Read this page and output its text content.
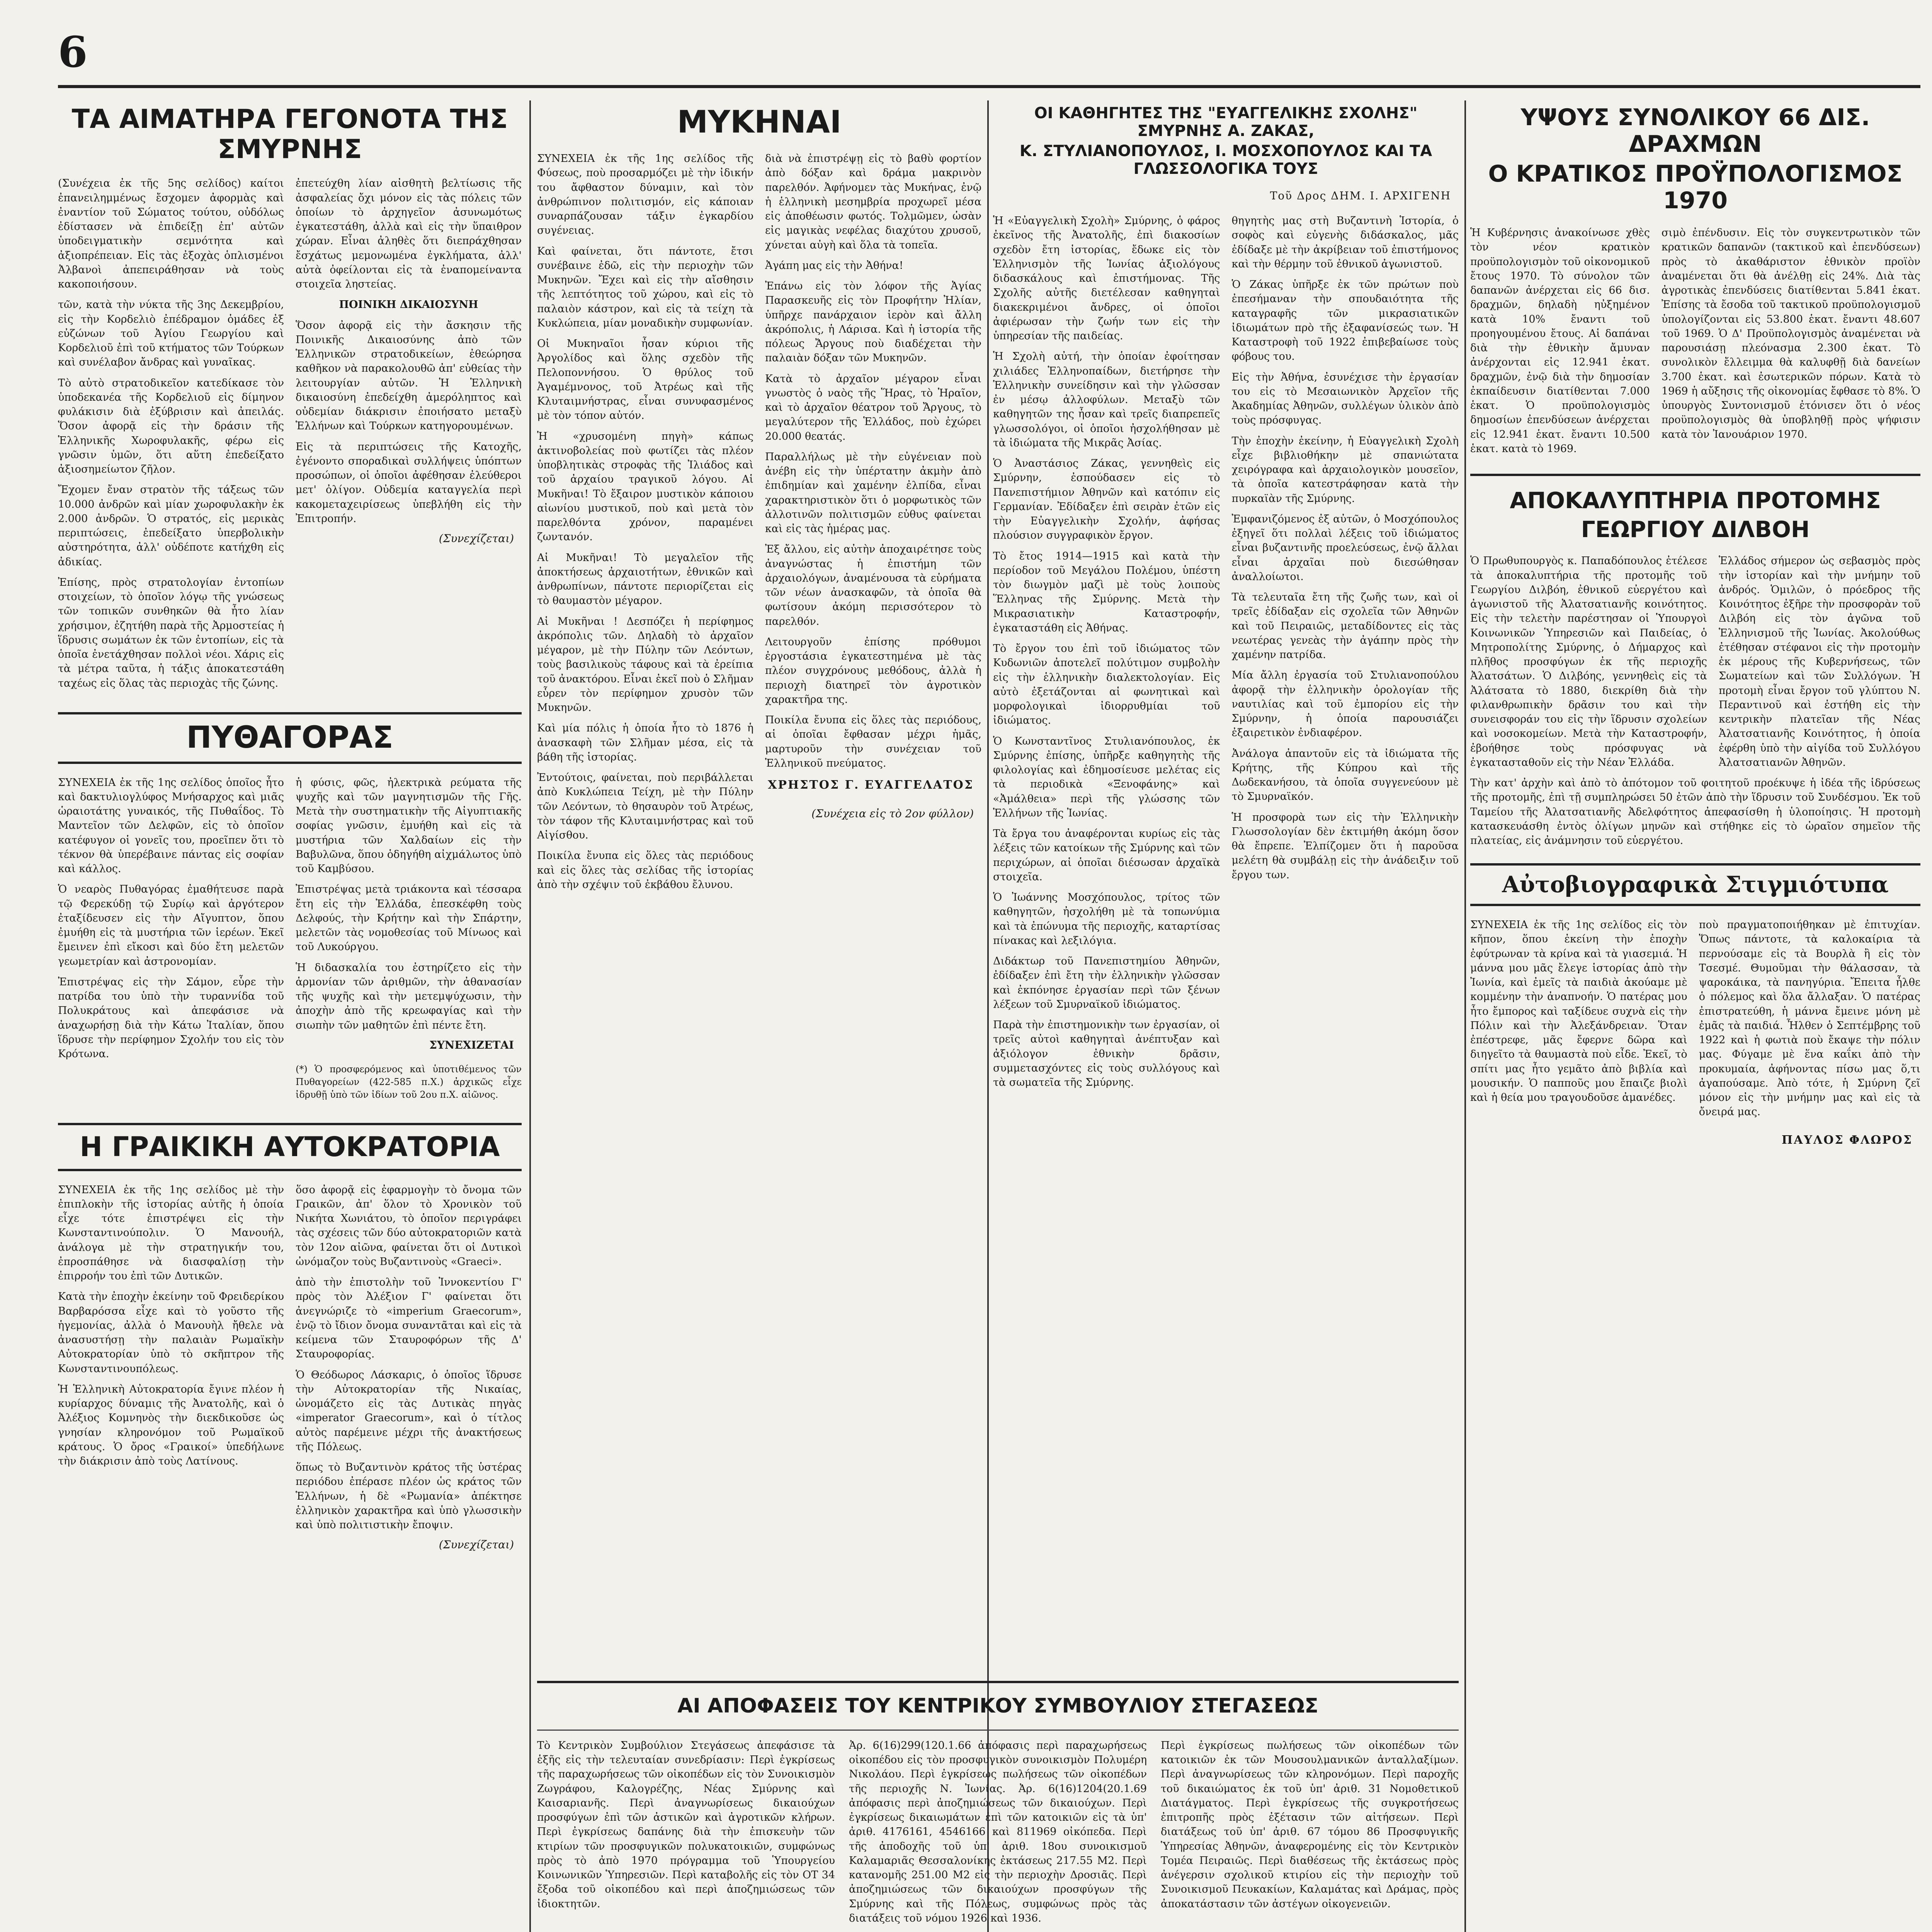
6
ΤΑ ΑΙΜΑΤΗΡΑ ΓΕΓΟΝΟΤΑ ΤΗΣ ΣΜΥΡΝΗΣ

(Συνέχεια ἐκ τῆς 5ης σελίδος) καίτοι ἐπανειλημμένως ἔσχομεν ἀφορμὰς καὶ ἐναντίον τοῦ Σώματος τούτου, οὐδόλως ἐδίστασεν νὰ ἐπιδείξῃ ἐπ' αὐτῶν ὑποδειγματικὴν σεμνότητα καὶ ἀξιοπρέπειαν. Εἰς τὰς ἐξοχὰς ὁπλισμένοι Ἀλβανοὶ ἀπεπειράθησαν νὰ τοὺς κακοποιήσουν.

τῶν, κατὰ τὴν νύκτα τῆς 3ης Δεκεμβρίου, εἰς τὴν Κορδελιὸ ἐπέδραμον ὁμάδες ἐξ εὐζώνων τοῦ Ἀγίου Γεωργίου καὶ Κορδελιοῦ ἐπὶ τοῦ κτήματος τῶν Τούρκων καὶ συνέλαβον ἄνδρας καὶ γυναῖκας.

Τὸ αὐτὸ στρατοδικεῖον κατεδίκασε τὸν ὑποδεκανέα τῆς Κορδελιοῦ εἰς δίμηνον φυλάκισιν διὰ ἐξύβρισιν καὶ ἀπειλάς. Ὅσον ἀφορᾷ εἰς τὴν δράσιν τῆς Ἑλληνικῆς Χωροφυλακῆς, φέρω εἰς γνῶσιν ὑμῶν, ὅτι αὕτη ἐπεδείξατο ἀξιοσημείωτον ζῆλον.

Ἔχομεν ἔναν στρατὸν τῆς τάξεως τῶν 10.000 ἀνδρῶν καὶ μίαν χωροφυλακὴν ἐκ 2.000 ἀνδρῶν. Ὁ στρατός, εἰς μερικὰς περιπτώσεις, ἐπεδείξατο ὑπερβολικὴν αὐστηρότητα, ἀλλ' οὐδέποτε κατήχθη εἰς ἀδικίας.

Ἐπίσης, πρὸς στρατολογίαν ἐντοπίων στοιχείων, τὸ ὁποῖον λόγῳ τῆς γνώσεως τῶν τοπικῶν συνθηκῶν θὰ ἦτο λίαν χρήσιμον, ἐζητήθη παρὰ τῆς Ἀρμοστείας ἡ ἵδρυσις σωμάτων ἐκ τῶν ἐντοπίων, εἰς τὰ ὁποῖα ἐνετάχθησαν πολλοὶ νέοι. Χάρις εἰς τὰ μέτρα ταῦτα, ἡ τάξις ἀποκατεστάθη ταχέως εἰς ὅλας τὰς περιοχὰς τῆς ζώνης.

ἐπετεύχθη λίαν αἰσθητὴ βελτίωσις τῆς ἀσφαλείας ὄχι μόνον εἰς τὰς πόλεις τῶν ὁποίων τὸ ἀρχηγεῖον ἀσυνωμότως ἐγκατεστάθη, ἀλλὰ καὶ εἰς τὴν ὕπαιθρον χώραν. Εἶναι ἀληθὲς ὅτι διεπράχθησαν ἔσχάτως μεμονωμένα ἐγκλήματα, ἀλλ' αὐτὰ ὀφείλονται εἰς τὰ ἐναπομείναντα στοιχεῖα ληστείας.

ΠΟΙΝΙΚΗ ΔΙΚΑΙΟΣΥΝΗ

Ὅσον ἀφορᾷ εἰς τὴν ἄσκησιν τῆς Ποινικῆς Δικαιοσύνης ἀπὸ τῶν Ἑλληνικῶν στρατοδικείων, ἐθεώρησα καθῆκον νὰ παρακολουθῶ ἀπ' εὐθείας τὴν λειτουργίαν αὐτῶν. Ἡ Ἑλληνικὴ δικαιοσύνη ἐπεδείχθη ἀμερόληπτος καὶ οὐδεμίαν διάκρισιν ἐποιήσατο μεταξὺ Ἑλλήνων καὶ Τούρκων κατηγορουμένων.

Εἰς τὰ περιπτώσεις τῆς Κατοχῆς, ἐγένοντο σποραδικαὶ συλλήψεις ὑπόπτων προσώπων, οἱ ὁποῖοι ἀφέθησαν ἐλεύθεροι μετ' ὀλίγον. Οὐδεμία καταγγελία περὶ κακομεταχειρίσεως ὑπεβλήθη εἰς τὴν Ἐπιτροπήν.

(Συνεχίζεται)

ΠΥΘΑΓΟΡΑΣ

ΣΥΝΕΧΕΙΑ ἐκ τῆς 1ης σελίδος ὁποῖος ἦτο καὶ δακτυλιογλύφος Μνήσαρχος καὶ μιᾶς ὡραιοτάτης γυναικός, τῆς Πυθαΐδος. Τὸ Μαντεῖον τῶν Δελφῶν, εἰς τὸ ὁποῖον κατέφυγον οἱ γονεῖς του, προεῖπεν ὅτι τὸ τέκνον θὰ ὑπερέβαινε πάντας εἰς σοφίαν καὶ κάλλος.

Ὁ νεαρὸς Πυθαγόρας ἐμαθήτευσε παρὰ τῷ Φερεκύδῃ τῷ Συρίῳ καὶ ἀργότερον ἐταξίδευσεν εἰς τὴν Αἴγυπτον, ὅπου ἐμυήθη εἰς τὰ μυστήρια τῶν ἱερέων. Ἐκεῖ ἔμεινεν ἐπὶ εἴκοσι καὶ δύο ἔτη μελετῶν γεωμετρίαν καὶ ἀστρονομίαν.

Ἐπιστρέψας εἰς τὴν Σάμον, εὗρε τὴν πατρίδα του ὑπὸ τὴν τυραννίδα τοῦ Πολυκράτους καὶ ἀπεφάσισε νὰ ἀναχωρήσῃ διὰ τὴν Κάτω Ἰταλίαν, ὅπου ἵδρυσε τὴν περίφημον Σχολήν του εἰς τὸν Κρότωνα.

ἡ φύσις, φῶς, ἠλεκτρικὰ ρεύματα τῆς ψυχῆς καὶ τῶν μαγνητισμῶν τῆς Γῆς. Μετὰ τὴν συστηματικὴν τῆς Αἰγυπτιακῆς σοφίας γνῶσιν, ἐμυήθη καὶ εἰς τὰ μυστήρια τῶν Χαλδαίων εἰς τὴν Βαβυλῶνα, ὅπου ὁδηγήθη αἰχμάλωτος ὑπὸ τοῦ Καμβύσου.

Ἐπιστρέψας μετὰ τριάκοντα καὶ τέσσαρα ἔτη εἰς τὴν Ἑλλάδα, ἐπεσκέφθη τοὺς Δελφούς, τὴν Κρήτην καὶ τὴν Σπάρτην, μελετῶν τὰς νομοθεσίας τοῦ Μίνωος καὶ τοῦ Λυκούργου.

Ἡ διδασκαλία του ἐστηρίζετο εἰς τὴν ἁρμονίαν τῶν ἀριθμῶν, τὴν ἀθανασίαν τῆς ψυχῆς καὶ τὴν μετεμψύχωσιν, τὴν ἀποχὴν ἀπὸ τῆς κρεωφαγίας καὶ τὴν σιωπὴν τῶν μαθητῶν ἐπὶ πέντε ἔτη.

ΣΥΝΕΧΙΖΕΤΑΙ

(*) Ὁ προσφερόμενος καὶ ὑποτιθέμενος τῶν Πυθαγορείων (422-585 π.Χ.) ἀρχικῶς εἶχε ἰδρυθῇ ὑπὸ τῶν ἰδίων τοῦ 2ου π.Χ. αἰῶνος.

Η ΓΡΑΙΚΙΚΗ ΑΥΤΟΚΡΑΤΟΡΙΑ

ΣΥΝΕΧΕΙΑ ἐκ τῆς 1ης σελίδος μὲ τὴν ἐπιπλοκὴν τῆς ἱστορίας αὐτῆς ἡ ὁποία εἶχε τότε ἐπιστρέψει εἰς τὴν Κωνσταντινούπολιν. Ὁ Μανουήλ, ἀνάλογα μὲ τὴν στρατηγικήν του, ἐπροσπάθησε νὰ διασφαλίσῃ τὴν ἐπιρροήν του ἐπὶ τῶν Δυτικῶν.

Κατὰ τὴν ἐποχὴν ἐκείνην τοῦ Φρειδερίκου Βαρβαρόσσα εἶχε καὶ τὸ γοῦστο τῆς ἡγεμονίας, ἀλλὰ ὁ Μανουὴλ ἤθελε νὰ ἀνασυστήσῃ τὴν παλαιὰν Ρωμαϊκὴν Αὐτοκρατορίαν ὑπὸ τὸ σκῆπτρον τῆς Κωνσταντινουπόλεως.

Ἡ Ἑλληνικὴ Αὐτοκρατορία ἔγινε πλέον ἡ κυρίαρχος δύναμις τῆς Ἀνατολῆς, καὶ ὁ Ἀλέξιος Κομνηνὸς τὴν διεκδικοῦσε ὡς γνησίαν κληρονόμον τοῦ Ρωμαϊκοῦ κράτους. Ὁ ὄρος «Γραικοί» ὑπεδήλωνε τὴν διάκρισιν ἀπὸ τοὺς Λατίνους.

ὅσο ἀφορᾷ εἰς ἐφαρμογὴν τὸ ὄνομα τῶν Γραικῶν, ἀπ' ὅλον τὸ Χρονικὸν τοῦ Νικήτα Χωνιάτου, τὸ ὁποῖον περιγράφει τὰς σχέσεις τῶν δύο αὐτοκρατοριῶν κατὰ τὸν 12ον αἰῶνα, φαίνεται ὅτι οἱ Δυτικοὶ ὠνόμαζον τοὺς Βυζαντινοὺς «Graeci».

ἀπὸ τὴν ἐπιστολὴν τοῦ Ἰννοκεντίου Γ' πρὸς τὸν Ἀλέξιον Γ' φαίνεται ὅτι ἀνεγνώριζε τὸ «imperium Graecorum», ἐνῷ τὸ ἴδιον ὄνομα συναντᾶται καὶ εἰς τὰ κείμενα τῶν Σταυροφόρων τῆς Δ' Σταυροφορίας.

Ὁ Θεόδωρος Λάσκαρις, ὁ ὁποῖος ἵδρυσε τὴν Αὐτοκρατορίαν τῆς Νικαίας, ὠνομάζετο εἰς τὰς Δυτικὰς πηγὰς «imperator Graecorum», καὶ ὁ τίτλος αὐτὸς παρέμεινε μέχρι τῆς ἀνακτήσεως τῆς Πόλεως.

ὅπως τὸ Βυζαντινὸν κράτος τῆς ὑστέρας περιόδου ἐπέρασε πλέον ὡς κράτος τῶν Ἑλλήνων, ἡ δὲ «Ρωμανία» ἀπέκτησε ἑλληνικὸν χαρακτῆρα καὶ ὑπὸ γλωσσικὴν καὶ ὑπὸ πολιτιστικὴν ἔποψιν.

(Συνεχίζεται)

ΜΥΚΗΝΑΙ

ΣΥΝΕΧΕΙΑ ἐκ τῆς 1ης σελίδος τῆς Φύσεως, ποὺ προσαρμόζει μὲ τὴν ἰδικήν του ἄφθαστον δύναμιν, καὶ τὸν ἀνθρώπινον πολιτισμόν, εἰς κάποιαν συναρπάζουσαν τάξιν ἐγκαρδίου συγένειας.

Καὶ φαίνεται, ὅτι πάντοτε, ἔτσι συνέβαινε ἐδῶ, εἰς τὴν περιοχὴν τῶν Μυκηνῶν. Ἔχει καὶ εἰς τὴν αἴσθησιν τῆς λεπτότητος τοῦ χώρου, καὶ εἰς τὸ παλαιὸν κάστρον, καὶ εἰς τὰ τείχη τὰ Κυκλώπεια, μίαν μοναδικὴν συμφωνίαν.

Οἱ Μυκηναῖοι ἦσαν κύριοι τῆς Ἀργολίδος καὶ ὅλης σχεδὸν τῆς Πελοποννήσου. Ὁ θρύλος τοῦ Ἀγαμέμνονος, τοῦ Ἀτρέως καὶ τῆς Κλυταιμνήστρας, εἶναι συνυφασμένος μὲ τὸν τόπον αὐτόν.

Ἡ «χρυσομένη πηγὴ» κάπως ἀκτινοβολείας ποὺ φωτίζει τὰς πλέον ὑποβλητικὰς στροφὰς τῆς Ἰλιάδος καὶ τοῦ ἀρχαίου τραγικοῦ λόγου. Αἱ Μυκῆναι! Τὸ ἔξαιρον μυστικὸν κάποιου αἰωνίου μυστικοῦ, ποὺ καὶ μετὰ τὸν παρελθόντα χρόνον, παραμένει ζωντανόν.

Αἱ Μυκῆναι! Τὸ μεγαλεῖον τῆς ἀποκτήσεως ἀρχαιοτήτων, ἐθνικῶν καὶ ἀνθρωπίνων, πάντοτε περιορίζεται εἰς τὸ θαυμαστὸν μέγαρον.

Αἱ Μυκῆναι ! Δεσπόζει ἡ περίφημος ἀκρόπολις τῶν. Δηλαδὴ τὸ ἀρχαῖον μέγαρον, μὲ τὴν Πύλην τῶν Λεόντων, τοὺς βασιλικοὺς τάφους καὶ τὰ ἐρείπια τοῦ ἀνακτόρου. Εἶναι ἐκεῖ ποὺ ὁ Σλῆμαν εὗρεν τὸν περίφημον χρυσὸν τῶν Μυκηνῶν.

Καὶ μία πόλις ἡ ὁποία ἦτο τὸ 1876 ἡ ἀνασκαφὴ τῶν Σλῆμαν μέσα, εἰς τὰ βάθη τῆς ἱστορίας.

Ἐντούτοις, φαίνεται, ποὺ περιβάλλεται ἀπὸ Κυκλώπεια Τείχη, μὲ τὴν Πύλην τῶν Λεόντων, τὸ θησαυρὸν τοῦ Ἀτρέως, τὸν τάφον τῆς Κλυταιμνήστρας καὶ τοῦ Αἰγίσθου.

Ποικίλα ἔνυπα εἰς ὅλες τὰς περιόδους καὶ εἰς ὅλες τὰς σελίδας τῆς ἱστορίας ἀπὸ τὴν σχέψιν τοῦ ἐκβάθου ἔλυνου.

διὰ νὰ ἐπιστρέψῃ εἰς τὸ βαθὺ φορτίον ἀπὸ δόξαν καὶ δράμα μακρινὸν παρελθόν. Ἀφήνομεν τὰς Μυκήνας, ἐνῷ ἡ ἑλληνικὴ μεσημβρία προχωρεῖ μέσα εἰς ἀποθέωσιν φωτός. Τολμῶμεν, ὡσὰν εἰς μαγικὰς νεφέλας διαχύτου χρυσοῦ, χύνεται αὐγὴ καὶ ὅλα τὰ τοπεῖα.

Ἀγάπη μας εἰς τὴν Ἀθήνα!

Ἐπάνω εἰς τὸν λόφον τῆς Ἀγίας Παρασκευῆς εἰς τὸν Προφήτην Ἠλίαν, ὑπῆρχε πανάρχαιον ἱερὸν καὶ ἄλλη ἀκρόπολις, ἡ Λάρισα. Καὶ ἡ ἱστορία τῆς πόλεως Ἄργους ποὺ διαδέχεται τὴν παλαιὰν δόξαν τῶν Μυκηνῶν.

Κατὰ τὸ ἀρχαῖον μέγαρον εἶναι γνωστὸς ὁ ναὸς τῆς Ἥρας, τὸ Ἡραῖον, καὶ τὸ ἀρχαῖον θέατρον τοῦ Ἄργους, τὸ μεγαλύτερον τῆς Ἑλλάδος, ποὺ ἐχώρει 20.000 θεατάς.

Παραλλήλως μὲ τὴν εὐγένειαν ποὺ ἀνέβη εἰς τὴν ὑπέρτατην ἀκμὴν ἀπὸ ἐπιδημίαν καὶ χαμένην ἐλπίδα, εἶναι χαρακτηριστικὸν ὅτι ὁ μορφωτικὸς τῶν ἀλλοτινῶν πολιτισμῶν εὐθυς φαίνεται καὶ εἰς τὰς ἡμέρας μας.

Ἐξ ἄλλου, εἰς αὐτὴν ἀποχαιρέτησε τοὺς ἀναγνώστας ἡ ἐπιστήμη τῶν ἀρχαιολόγων, ἀναμένουσα τὰ εὑρήματα τῶν νέων ἀνασκαφῶν, τὰ ὁποῖα θὰ φωτίσουν ἀκόμη περισσότερον τὸ παρελθόν.

Λειτουργοῦν ἐπίσης πρόθυμοι ἐργοστάσια ἐγκατεστημένα μὲ τὰς πλέον συγχρόνους μεθόδους, ἀλλὰ ἡ περιοχὴ διατηρεῖ τὸν ἀγροτικὸν χαρακτῆρα της.

Ποικίλα ἔνυπα εἰς ὅλες τὰς περιόδους, αἱ ὁποῖαι ἔφθασαν μέχρι ἡμᾶς, μαρτυροῦν τὴν συνέχειαν τοῦ Ἑλληνικοῦ πνεύματος.

ΧΡΗΣΤΟΣ Γ. ΕΥΑΓΓΕΛΑΤΟΣ

(Συνέχεια εἰς τὸ 2ον φύλλον)

ΑΙ ΑΠΟΦΑΣΕΙΣ ΤΟΥ ΚΕΝΤΡΙΚΟΥ ΣΥΜΒΟΥΛΙΟΥ ΣΤΕΓΑΣΕΩΣ

Τὸ Κεντρικὸν Συμβούλιον Στεγάσεως ἀπεφάσισε τὰ ἑξῆς εἰς τὴν τελευταίαν συνεδρίασιν: Περὶ ἐγκρίσεως τῆς παραχωρήσεως τῶν οἰκοπέδων εἰς τὸν Συνοικισμὸν Ζωγράφου, Καλογρέζης, Νέας Σμύρνης καὶ Καισαριανῆς. Περὶ ἀναγνωρίσεως δικαιούχων προσφύγων ἐπὶ τῶν ἀστικῶν καὶ ἀγροτικῶν κλήρων. Περὶ ἐγκρίσεως δαπάνης διὰ τὴν ἐπισκευὴν τῶν κτιρίων τῶν προσφυγικῶν πολυκατοικιῶν, συμφώνως πρὸς τὸ ἀπὸ 1970 πρόγραμμα τοῦ Ὑπουργείου Κοινωνικῶν Ὑπηρεσιῶν. Περὶ καταβολῆς εἰς τὸν ΟΤ 34 ἔξοδα τοῦ οἰκοπέδου καὶ περὶ ἀποζημιώσεως τῶν ἰδιοκτητῶν.

Ἀρ. 6(16)299(120.1.66 ἀπόφασις περὶ παραχωρήσεως οἰκοπέδου εἰς τὸν προσφυγικὸν συνοικισμὸν Πολυμέρη Νικολάου. Περὶ ἐγκρίσεως πωλήσεως τῶν οἰκοπέδων τῆς περιοχῆς Ν. Ἰωνίας. Ἀρ. 6(16)1204(20.1.69 ἀπόφασις περὶ ἀποζημιώσεως τῶν δικαιούχων. Περὶ ἐγκρίσεως δικαιωμάτων ἐπὶ τῶν κατοικιῶν εἰς τὰ ὑπ' ἀριθ. 4176161, 4546166 καὶ 811969 οἰκόπεδα. Περὶ τῆς ἀποδοχῆς τοῦ ὑπ' ἀριθ. 18ου συνοικισμοῦ Καλαμαριᾶς Θεσσαλονίκης ἐκτάσεως 217.55 Μ2. Περὶ κατανομῆς 251.00 Μ2 εἰς τὴν περιοχὴν Δροσιᾶς. Περὶ ἀποζημιώσεως τῶν δικαιούχων προσφύγων τῆς Σμύρνης καὶ τῆς Πόλεως, συμφώνως πρὸς τὰς διατάξεις τοῦ νόμου 1926 καὶ 1936.

Περὶ ἐγκρίσεως πωλήσεως τῶν οἰκοπέδων τῶν κατοικιῶν ἐκ τῶν Μουσουλμανικῶν ἀνταλλαξίμων. Περὶ ἀναγνωρίσεως τῶν κληρονόμων. Περὶ παροχῆς τοῦ δικαιώματος ἐκ τοῦ ὑπ' ἀριθ. 31 Νομοθετικοῦ Διατάγματος. Περὶ ἐγκρίσεως τῆς συγκροτήσεως ἐπιτροπῆς πρὸς ἐξέτασιν τῶν αἰτήσεων. Περὶ διατάξεως τοῦ ὑπ' ἀριθ. 67 τόμου 86 Προσφυγικῆς Ὑπηρεσίας Ἀθηνῶν, ἀναφερομένης εἰς τὸν Κεντρικὸν Τομέα Πειραιῶς. Περὶ διαθέσεως τῆς ἐκτάσεως πρὸς ἀνέγερσιν σχολικοῦ κτιρίου εἰς τὴν περιοχὴν τοῦ Συνοικισμοῦ Πευκακίων, Καλαμάτας καὶ Δράμας, πρὸς ἀποκατάστασιν τῶν ἀστέγων οἰκογενειῶν.

ΟΙ ΚΑΘΗΓΗΤΕΣ ΤΗΣ "ΕΥΑΓΓΕΛΙΚΗΣ ΣΧΟΛΗΣ" ΣΜΥΡΝΗΣ Α. ΖΑΚΑΣ,
Κ. ΣΤΥΛΙΑΝΟΠΟΥΛΟΣ, Ι. ΜΟΣΧΟΠΟΥΛΟΣ ΚΑΙ ΤΑ ΓΛΩΣΣΟΛΟΓΙΚΑ ΤΟΥΣ

Τοῦ Δρος ΔΗΜ. Ι. ΑΡΧΙΓΕΝΗ

Ἡ «Εὐαγγελικὴ Σχολὴ» Σμύρνης, ὁ φάρος ἐκεῖνος τῆς Ἀνατολῆς, ἐπὶ διακοσίων σχεδὸν ἔτη ἱστορίας, ἔδωκε εἰς τὸν Ἑλληνισμὸν τῆς Ἰωνίας ἀξιολόγους διδασκάλους καὶ ἐπιστήμονας. Τῆς Σχολῆς αὐτῆς διετέλεσαν καθηγηταὶ διακεκριμένοι ἄνδρες, οἱ ὁποῖοι ἀφιέρωσαν τὴν ζωήν των εἰς τὴν ὑπηρεσίαν τῆς παιδείας.

Ἡ Σχολὴ αὐτή, τὴν ὁποίαν ἐφοίτησαν χιλιάδες Ἑλληνοπαίδων, διετήρησε τὴν Ἑλληνικὴν συνείδησιν καὶ τὴν γλῶσσαν ἐν μέσῳ ἀλλοφύλων. Μεταξὺ τῶν καθηγητῶν της ἦσαν καὶ τρεῖς διαπρεπεῖς γλωσσολόγοι, οἱ ὁποῖοι ἠσχολήθησαν μὲ τὰ ἰδιώματα τῆς Μικρᾶς Ἀσίας.

Ὁ Ἀναστάσιος Ζάκας, γεννηθεὶς εἰς Σμύρνην, ἐσπούδασεν εἰς τὸ Πανεπιστήμιον Ἀθηνῶν καὶ κατόπιν εἰς Γερμανίαν. Ἐδίδαξεν ἐπὶ σειρὰν ἐτῶν εἰς τὴν Εὐαγγελικὴν Σχολήν, ἀφήσας πλούσιον συγγραφικὸν ἔργον.

Τὸ ἔτος 1914—1915 καὶ κατὰ τὴν περίοδον τοῦ Μεγάλου Πολέμου, ὑπέστη τὸν διωγμὸν μαζὶ μὲ τοὺς λοιποὺς Ἕλληνας τῆς Σμύρνης. Μετὰ τὴν Μικρασιατικὴν Καταστροφήν, ἐγκαταστάθη εἰς Ἀθήνας.

Τὸ ἔργον του ἐπὶ τοῦ ἰδιώματος τῶν Κυδωνιῶν ἀποτελεῖ πολύτιμον συμβολὴν εἰς τὴν ἑλληνικὴν διαλεκτολογίαν. Εἰς αὐτὸ ἐξετάζονται αἱ φωνητικαὶ καὶ μορφολογικαὶ ἰδιορρυθμίαι τοῦ ἰδιώματος.

Ὁ Κωνσταντῖνος Στυλιανόπουλος, ἐκ Σμύρνης ἐπίσης, ὑπῆρξε καθηγητὴς τῆς φιλολογίας καὶ ἐδημοσίευσε μελέτας εἰς τὰ περιοδικὰ «Ξενοφάνης» καὶ «Ἀμάλθεια» περὶ τῆς γλώσσης τῶν Ἑλλήνων τῆς Ἰωνίας.

Τὰ ἔργα του ἀναφέρονται κυρίως εἰς τὰς λέξεις τῶν κατοίκων τῆς Σμύρνης καὶ τῶν περιχώρων, αἱ ὁποῖαι διέσωσαν ἀρχαϊκὰ στοιχεῖα.

Ὁ Ἰωάννης Μοσχόπουλος, τρίτος τῶν καθηγητῶν, ἠσχολήθη μὲ τὰ τοπωνύμια καὶ τὰ ἐπώνυμα τῆς περιοχῆς, καταρτίσας πίνακας καὶ λεξιλόγια.

Διδάκτωρ τοῦ Πανεπιστημίου Ἀθηνῶν, ἐδίδαξεν ἐπὶ ἔτη τὴν ἑλληνικὴν γλῶσσαν καὶ ἐκπόνησε ἐργασίαν περὶ τῶν ξένων λέξεων τοῦ Σμυρναϊκοῦ ἰδιώματος.

Παρὰ τὴν ἐπιστημονικὴν των ἐργασίαν, οἱ τρεῖς αὐτοὶ καθηγηταὶ ἀνέπτυξαν καὶ ἀξιόλογον ἐθνικὴν δρᾶσιν, συμμετασχόντες εἰς τοὺς συλλόγους καὶ τὰ σωματεῖα τῆς Σμύρνης.

θηγητὴς μας στὴ Βυζαντινὴ Ἱστορία, ὁ σοφὸς καὶ εὐγενὴς διδάσκαλος, μᾶς ἐδίδαξε μὲ τὴν ἀκρίβειαν τοῦ ἐπιστήμονος καὶ τὴν θέρμην τοῦ ἐθνικοῦ ἀγωνιστοῦ.

Ὁ Ζάκας ὑπῆρξε ἐκ τῶν πρώτων ποὺ ἐπεσήμαναν τὴν σπουδαιότητα τῆς καταγραφῆς τῶν μικρασιατικῶν ἰδιωμάτων πρὸ τῆς ἐξαφανίσεώς των. Ἡ Καταστροφὴ τοῦ 1922 ἐπιβεβαίωσε τοὺς φόβους του.

Εἰς τὴν Ἀθήνα, ἐσυνέχισε τὴν ἐργασίαν του εἰς τὸ Μεσαιωνικὸν Ἀρχεῖον τῆς Ἀκαδημίας Ἀθηνῶν, συλλέγων ὑλικὸν ἀπὸ τοὺς πρόσφυγας.

Τὴν ἐποχὴν ἐκείνην, ἡ Εὐαγγελικὴ Σχολὴ εἶχε βιβλιοθήκην μὲ σπανιώτατα χειρόγραφα καὶ ἀρχαιολογικὸν μουσεῖον, τὰ ὁποῖα κατεστράφησαν κατὰ τὴν πυρκαϊὰν τῆς Σμύρνης.

Ἐμφανιζόμενος ἐξ αὐτῶν, ὁ Μοσχόπουλος ἐξηγεῖ ὅτι πολλαὶ λέξεις τοῦ ἰδιώματος εἶναι βυζαντινῆς προελεύσεως, ἐνῷ ἄλλαι εἶναι ἀρχαῖαι ποὺ διεσώθησαν ἀναλλοίωτοι.

Τὰ τελευταῖα ἔτη τῆς ζωῆς των, καὶ οἱ τρεῖς ἐδίδαξαν εἰς σχολεῖα τῶν Ἀθηνῶν καὶ τοῦ Πειραιῶς, μεταδίδοντες εἰς τὰς νεωτέρας γενεὰς τὴν ἀγάπην πρὸς τὴν χαμένην πατρίδα.

Μία ἄλλη ἐργασία τοῦ Στυλιανοπούλου ἀφορᾷ τὴν ἑλληνικὴν ὀρολογίαν τῆς ναυτιλίας καὶ τοῦ ἐμπορίου εἰς τὴν Σμύρνην, ἡ ὁποία παρουσιάζει ἐξαιρετικὸν ἐνδιαφέρον.

Ἀνάλογα ἀπαντοῦν εἰς τὰ ἰδιώματα τῆς Κρήτης, τῆς Κύπρου καὶ τῆς Δωδεκανήσου, τὰ ὁποῖα συγγενεύουν μὲ τὸ Σμυρναϊκόν.

Ἡ προσφορὰ των εἰς τὴν Ἑλληνικὴν Γλωσσολογίαν δὲν ἐκτιμήθη ἀκόμη ὅσον θὰ ἔπρεπε. Ἐλπίζομεν ὅτι ἡ παροῦσα μελέτη θὰ συμβάλῃ εἰς τὴν ἀνάδειξιν τοῦ ἔργου των.

ΥΨΟΥΣ ΣΥΝΟΛΙΚΟΥ 66 ΔΙΣ. ΔΡΑΧΜΩΝ
Ο ΚΡΑΤΙΚΟΣ ΠΡΟΫΠΟΛΟΓΙΣΜΟΣ 1970

Ἡ Κυβέρνησις ἀνακοίνωσε χθὲς τὸν νέον κρατικὸν προϋπολογισμὸν τοῦ οἰκονομικοῦ ἔτους 1970. Τὸ σύνολον τῶν δαπανῶν ἀνέρχεται εἰς 66 δισ. δραχμῶν, δηλαδὴ ηὐξημένον κατὰ 10% ἔναντι τοῦ προηγουμένου ἔτους. Αἱ δαπάναι διὰ τὴν ἐθνικὴν ἄμυναν ἀνέρχονται εἰς 12.941 ἑκατ. δραχμῶν, ἐνῷ διὰ τὴν δημοσίαν ἐκπαίδευσιν διατίθενται 7.000 ἑκατ. Ὁ προϋπολογισμὸς δημοσίων ἐπενδύσεων ἀνέρχεται εἰς 12.941 ἑκατ. ἔναντι 10.500 ἑκατ. κατὰ τὸ 1969.

σιμὸ ἐπένδυσιν. Εἰς τὸν συγκεντρωτικὸν τῶν κρατικῶν δαπανῶν (τακτικοῦ καὶ ἐπενδύσεων) πρὸς τὸ ἀκαθάριστον ἐθνικὸν προϊὸν ἀναμένεται ὅτι θὰ ἀνέλθῃ εἰς 24%. Διὰ τὰς ἀγροτικὰς ἐπενδύσεις διατίθενται 5.841 ἑκατ. Ἐπίσης τὰ ἔσοδα τοῦ τακτικοῦ προϋπολογισμοῦ ὑπολογίζονται εἰς 53.800 ἑκατ. ἔναντι 48.607 τοῦ 1969. Ὁ Δ' Προϋπολογισμὸς ἀναμένεται νὰ παρουσιάσῃ πλεόνασμα 2.300 ἑκατ. Τὸ συνολικὸν ἔλλειμμα θὰ καλυφθῇ διὰ δανείων 3.700 ἑκατ. καὶ ἐσωτερικῶν πόρων. Κατὰ τὸ 1969 ἡ αὔξησις τῆς οἰκονομίας ἔφθασε τὸ 8%. Ὁ ὑπουργὸς Συντονισμοῦ ἐτόνισεν ὅτι ὁ νέος προϋπολογισμὸς θὰ ὑποβληθῇ πρὸς ψήφισιν κατὰ τὸν Ἰανουάριον 1970.

ΑΠΟΚΑΛΥΠΤΗΡΙΑ ΠΡΟΤΟΜΗΣ
ΓΕΩΡΓΙΟΥ ΔΙΛΒΟΗ

Ὁ Πρωθυπουργὸς κ. Παπαδόπουλος ἐτέλεσε τὰ ἀποκαλυπτήρια τῆς προτομῆς τοῦ Γεωργίου Διλβόη, ἐθνικοῦ εὐεργέτου καὶ ἀγωνιστοῦ τῆς Ἀλατσατιανῆς κοινότητος. Εἰς τὴν τελετὴν παρέστησαν οἱ Ὑπουργοὶ Κοινωνικῶν Ὑπηρεσιῶν καὶ Παιδείας, ὁ Μητροπολίτης Σμύρνης, ὁ Δήμαρχος καὶ πλῆθος προσφύγων ἐκ τῆς περιοχῆς Ἀλατσάτων. Ὁ Διλβόης, γεννηθεὶς εἰς τὰ Ἀλάτσατα τὸ 1880, διεκρίθη διὰ τὴν φιλανθρωπικὴν δρᾶσιν του καὶ τὴν συνεισφοράν του εἰς τὴν ἵδρυσιν σχολείων καὶ νοσοκομείων. Μετὰ τὴν Καταστροφήν, ἐβοήθησε τοὺς πρόσφυγας νὰ ἐγκατασταθοῦν εἰς τὴν Νέαν Ἑλλάδα.

Ἑλλάδος σήμερον ὡς σεβασμὸς πρὸς τὴν ἱστορίαν καὶ τὴν μνήμην τοῦ ἀνδρός. Ὁμιλῶν, ὁ πρόεδρος τῆς Κοινότητος ἐξῆρε τὴν προσφορὰν τοῦ Διλβόη εἰς τὸν ἀγῶνα τοῦ Ἑλληνισμοῦ τῆς Ἰωνίας. Ἀκολούθως ἐτέθησαν στέφανοι εἰς τὴν προτομὴν ἐκ μέρους τῆς Κυβερνήσεως, τῶν Σωματείων καὶ τῶν Συλλόγων. Ἡ προτομὴ εἶναι ἔργον τοῦ γλύπτου Ν. Περαντινοῦ καὶ ἐστήθη εἰς τὴν κεντρικὴν πλατεῖαν τῆς Νέας Ἀλατσατιανῆς Κοινότητος, ἡ ὁποία ἐφέρθη ὑπὸ τὴν αἰγίδα τοῦ Συλλόγου Ἀλατσατιανῶν Ἀθηνῶν.

Τὴν κατ' ἀρχὴν καὶ ἀπὸ τὸ ἀπότομον τοῦ φοιτητοῦ προέκυψε ἡ ἰδέα τῆς ἱδρύσεως τῆς προτομῆς, ἐπὶ τῇ συμπληρώσει 50 ἐτῶν ἀπὸ τὴν ἵδρυσιν τοῦ Συνδέσμου. Ἐκ τοῦ Ταμείου τῆς Ἀλατσατιανῆς Ἀδελφότητος ἀπεφασίσθη ἡ ὑλοποίησις. Ἡ προτομὴ κατασκευάσθη ἐντὸς ὀλίγων μηνῶν καὶ στήθηκε εἰς τὸ ὡραῖον σημεῖον τῆς πλατείας, εἰς ἀνάμνησιν τοῦ εὐεργέτου.

Αὐτοβιογραφικὰ Στιγμιότυπα

ΣΥΝΕΧΕΙΑ ἐκ τῆς 1ης σελίδος εἰς τὸν κῆπον, ὅπου ἐκείνη τὴν ἐποχὴν ἐφύτρωναν τὰ κρίνα καὶ τὰ γιασεμιά. Ἡ μάννα μου μᾶς ἔλεγε ἱστορίας ἀπὸ τὴν Ἰωνία, καὶ ἐμεῖς τὰ παιδιὰ ἀκούαμε μὲ κομμένην τὴν ἀναπνοήν. Ὁ πατέρας μου ἦτο ἔμπορος καὶ ταξίδευε συχνὰ εἰς τὴν Πόλιν καὶ τὴν Ἀλεξάνδρειαν. Ὅταν ἐπέστρεφε, μᾶς ἔφερνε δῶρα καὶ διηγεῖτο τὰ θαυμαστὰ ποὺ εἶδε. Ἐκεῖ, τὸ σπίτι μας ἦτο γεμᾶτο ἀπὸ βιβλία καὶ μουσικήν. Ὁ παπποῦς μου ἔπαιζε βιολὶ καὶ ἡ θεία μου τραγουδοῦσε ἀμανέδες.

ποὺ πραγματοποιήθηκαν μὲ ἐπιτυχίαν. Ὅπως πάντοτε, τὰ καλοκαίρια τὰ περνούσαμε εἰς τὰ Βουρλὰ ἢ εἰς τὸν Τσεσμέ. Θυμοῦμαι τὴν θάλασσαν, τὰ ψαροκάικα, τὰ πανηγύρια. Ἔπειτα ἦλθε ὁ πόλεμος καὶ ὅλα ἄλλαξαν. Ὁ πατέρας ἐπιστρατεύθη, ἡ μάννα ἔμεινε μόνη μὲ ἐμᾶς τὰ παιδιά. Ἦλθεν ὁ Σεπτέμβρης τοῦ 1922 καὶ ἡ φωτιὰ ποὺ ἔκαψε τὴν πόλιν μας. Φύγαμε μὲ ἕνα καΐκι ἀπὸ τὴν προκυμαία, ἀφήνοντας πίσω μας ὅ,τι ἀγαπούσαμε. Ἀπὸ τότε, ἡ Σμύρνη ζεῖ μόνον εἰς τὴν μνήμην μας καὶ εἰς τὰ ὄνειρά μας.

ΠΑΥΛΟΣ ΦΛΩΡΟΣ
